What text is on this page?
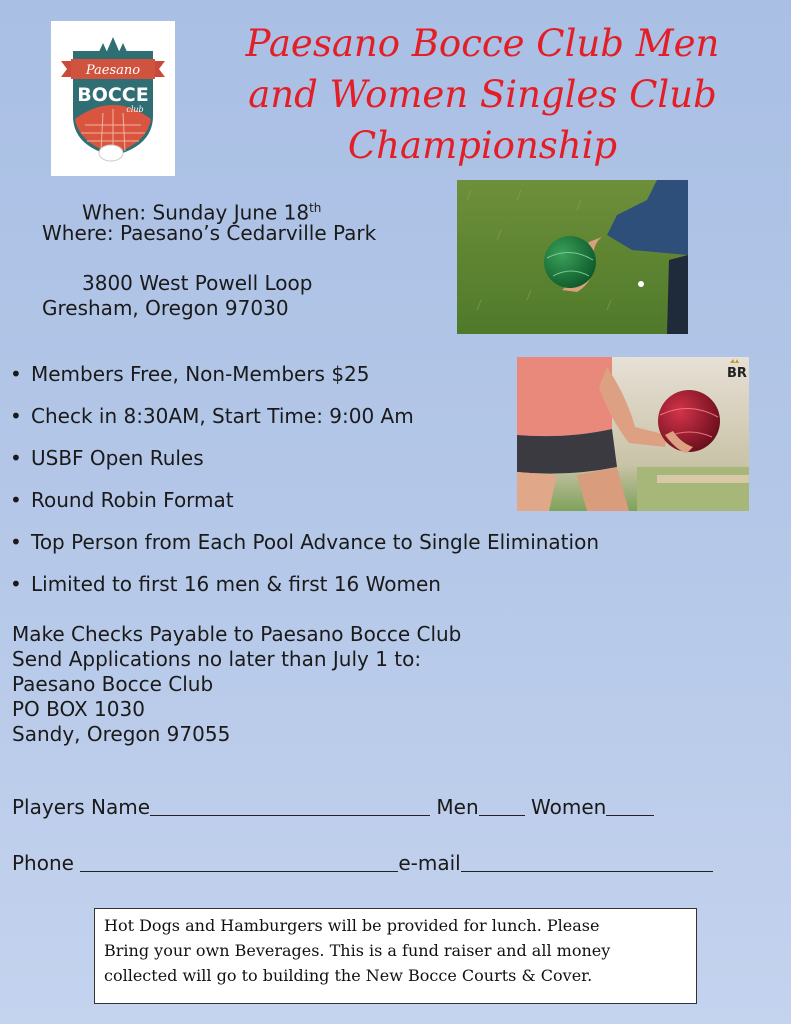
Paesano
BOCCE
club
Paesano Bocce Club Men
and Women Singles Club
Championship
When: Sunday June 18th
Where: Paesano’s Cedarville Park
3800 West Powell Loop
Gresham, Oregon 97030
BR
• Members Free, Non-Members $25
• Check in 8:30AM, Start Time: 9:00 Am
• USBF Open Rules
• Round Robin Format
• Top Person from Each Pool Advance to Single Elimination
• Limited to first 16 men & first 16 Women
Make Checks Payable to Paesano Bocce Club
Send Applications no later than July 1 to:
Paesano Bocce Club
PO BOX 1030
Sandy, Oregon 97055
Players Name	Men	Women
Phone	e-mail
Hot Dogs and Hamburgers will be provided for lunch. Please
Bring your own Beverages. This is a fund raiser and all money
collected will go to building the New Bocce Courts & Cover.
